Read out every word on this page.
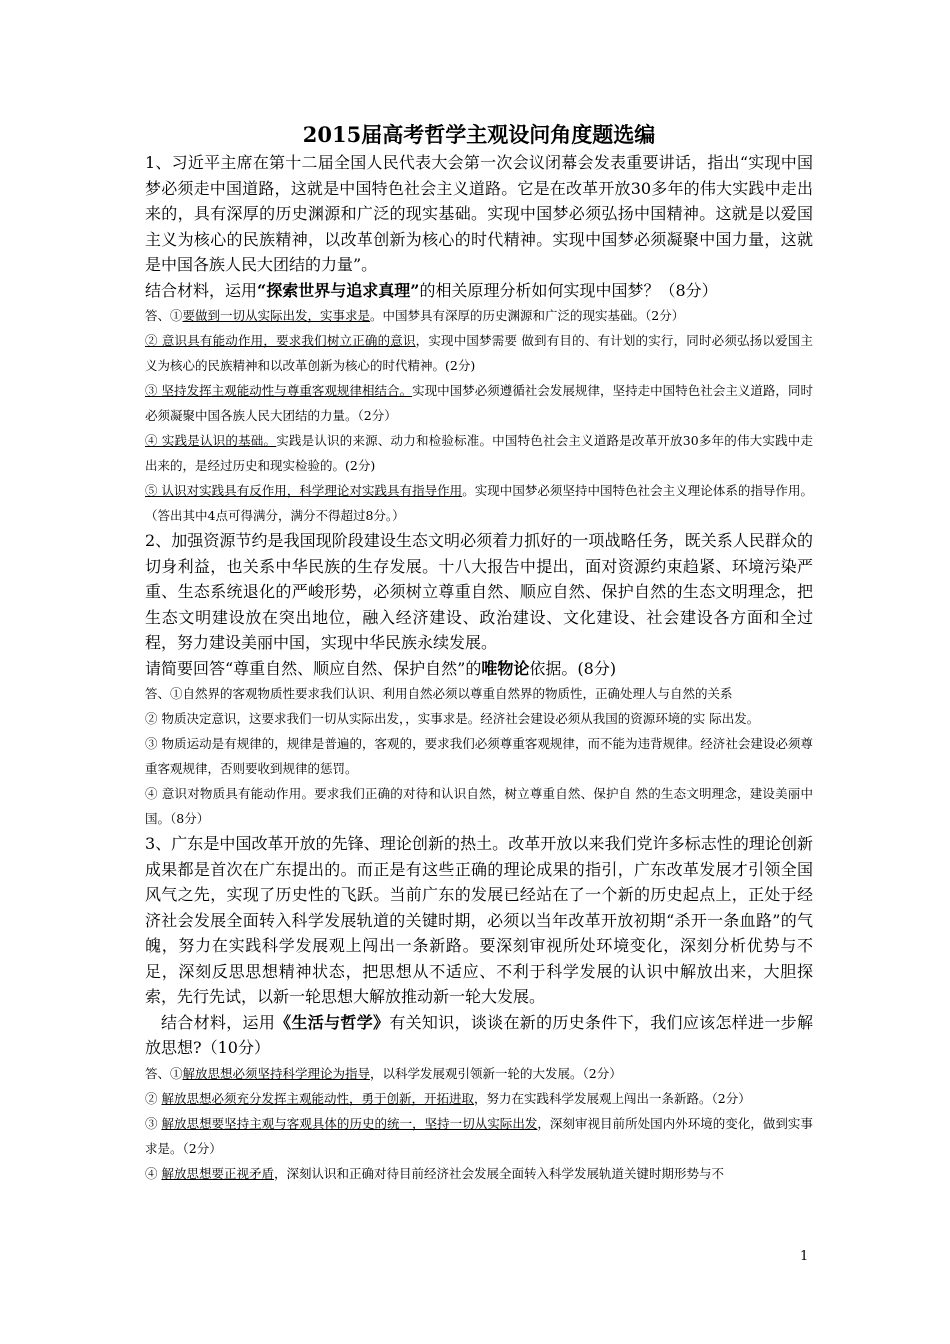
2015届高考哲学主观设问角度题选编

1、习近平主席在第十二届全国人民代表大会第一次会议闭幕会发表重要讲话，指出“实现中国梦必须走中国道路，这就是中国特色社会主义道路。它是在改革开放30多年的伟大实践中走出来的，具有深厚的历史渊源和广泛的现实基础。实现中国梦必须弘扬中国精神。这就是以爱国主义为核心的民族精神，以改革创新为核心的时代精神。实现中国梦必须凝聚中国力量，这就是中国各族人民大团结的力量”。

结合材料，运用“探索世界与追求真理”的相关原理分析如何实现中国梦？（8分）

答、①要做到一切从实际出发，实事求是。中国梦具有深厚的历史渊源和广泛的现实基础。（2分）

② 意识具有能动作用，要求我们树立正确的意识，实现中国梦需要 做到有目的、有计划的实行，同时必须弘扬以爱国主义为核心的民族精神和以改革创新为核心的时代精神。(2分)

③ 坚持发挥主观能动性与尊重客观规律相结合。实现中国梦必须遵循社会发展规律，坚持走中国特色社会主义道路，同时必须凝聚中国各族人民大团结的力量。（2分）

④ 实践是认识的基础。实践是认识的来源、动力和检验标准。中国特色社会主义道路是改革开放30多年的伟大实践中走出来的，是经过历史和现实检验的。(2分)

⑤ 认识对实践具有反作用，科学理论对实践具有指导作用。实现中国梦必须坚持中国特色社会主义理论体系的指导作用。（答出其中4点可得满分，满分不得超过8分。）

2、加强资源节约是我国现阶段建设生态文明必须着力抓好的一项战略任务，既关系人民群众的切身利益，也关系中华民族的生存发展。十八大报告中提出，面对资源约束趋紧、环境污染严重、生态系统退化的严峻形势，必须树立尊重自然、顺应自然、保护自然的生态文明理念，把生态文明建设放在突出地位，融入经济建设、政治建设、文化建设、社会建设各方面和全过程，努力建设美丽中国，实现中华民族永续发展。

请简要回答“尊重自然、顺应自然、保护自然”的唯物论依据。(8分)

答、①自然界的客观物质性要求我们认识、利用自然必须以尊重自然界的物质性，正确处理人与自然的关系

② 物质决定意识，这要求我们一切从实际出发，，实事求是。经济社会建设必须从我国的资源环境的实 际出发。

③ 物质运动是有规律的，规律是普遍的，客观的，要求我们必须尊重客观规律，而不能为违背规律。经济社会建设必须尊重客观规律，否则要收到规律的惩罚。

④ 意识对物质具有能动作用。要求我们正确的对待和认识自然，树立尊重自然、保护自 然的生态文明理念，建设美丽中国。（8分）

3、广东是中国改革开放的先锋、理论创新的热土。改革开放以来我们党许多标志性的理论创新成果都是首次在广东提出的。而正是有这些正确的理论成果的指引，广东改革发展才引领全国风气之先，实现了历史性的飞跃。当前广东的发展已经站在了一个新的历史起点上，正处于经济社会发展全面转入科学发展轨道的关键时期，必须以当年改革开放初期“杀开一条血路”的气魄，努力在实践科学发展观上闯出一条新路。要深刻审视所处环境变化，深刻分析优势与不足，深刻反思思想精神状态，把思想从不适应、不利于科学发展的认识中解放出来，大胆探索，先行先试，以新一轮思想大解放推动新一轮大发展。

结合材料，运用《生活与哲学》有关知识，谈谈在新的历史条件下，我们应该怎样进一步解放思想?（10分）

答、①解放思想必须坚持科学理论为指导，以科学发展观引领新一轮的大发展。（2分）

② 解放思想必须充分发挥主观能动性，勇于创新，开拓进取，努力在实践科学发展观上闯出一条新路。（2分）

③ 解放思想要坚持主观与客观具体的历史的统一，坚持一切从实际出发，深刻审视目前所处国内外环境的变化，做到实事求是。（2分）

④ 解放思想要正视矛盾，深刻认识和正确对待目前经济社会发展全面转入科学发展轨道关键时期形势与不

1
